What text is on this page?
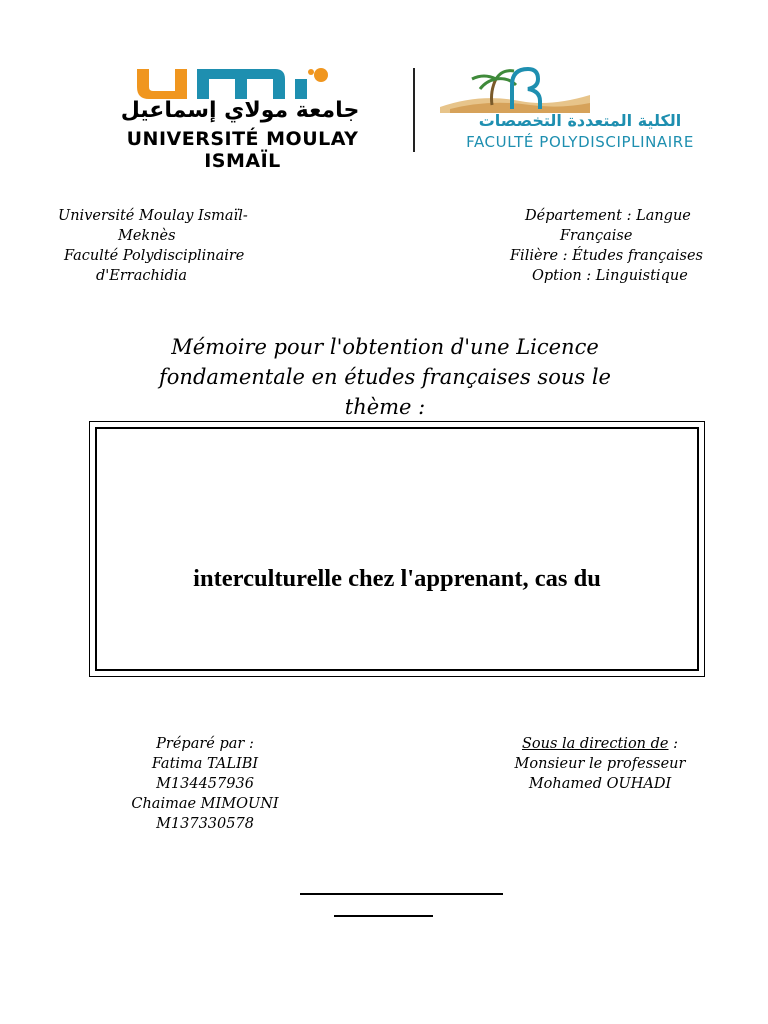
جامعة مولاي إسماعيل
UNIVERSITÉ MOULAY ISMAÏL
الكلية المتعددة التخصصات
FACULTÉ POLYDISCIPLINAIRE
Université Moulay Ismaïl-
Meknès
Faculté Polydisciplinaire
d'Errachidia
Département : Langue
Française
Filière : Études françaises
Option : Linguistique
Mémoire pour l'obtention d'une Licence
fondamentale en études françaises sous le
thème :
interculturelle chez l'apprenant, cas du
Préparé par :
Fatima TALIBI
M134457936
Chaimae MIMOUNI
M137330578
Sous la direction de :
Monsieur le professeur
Mohamed OUHADI
